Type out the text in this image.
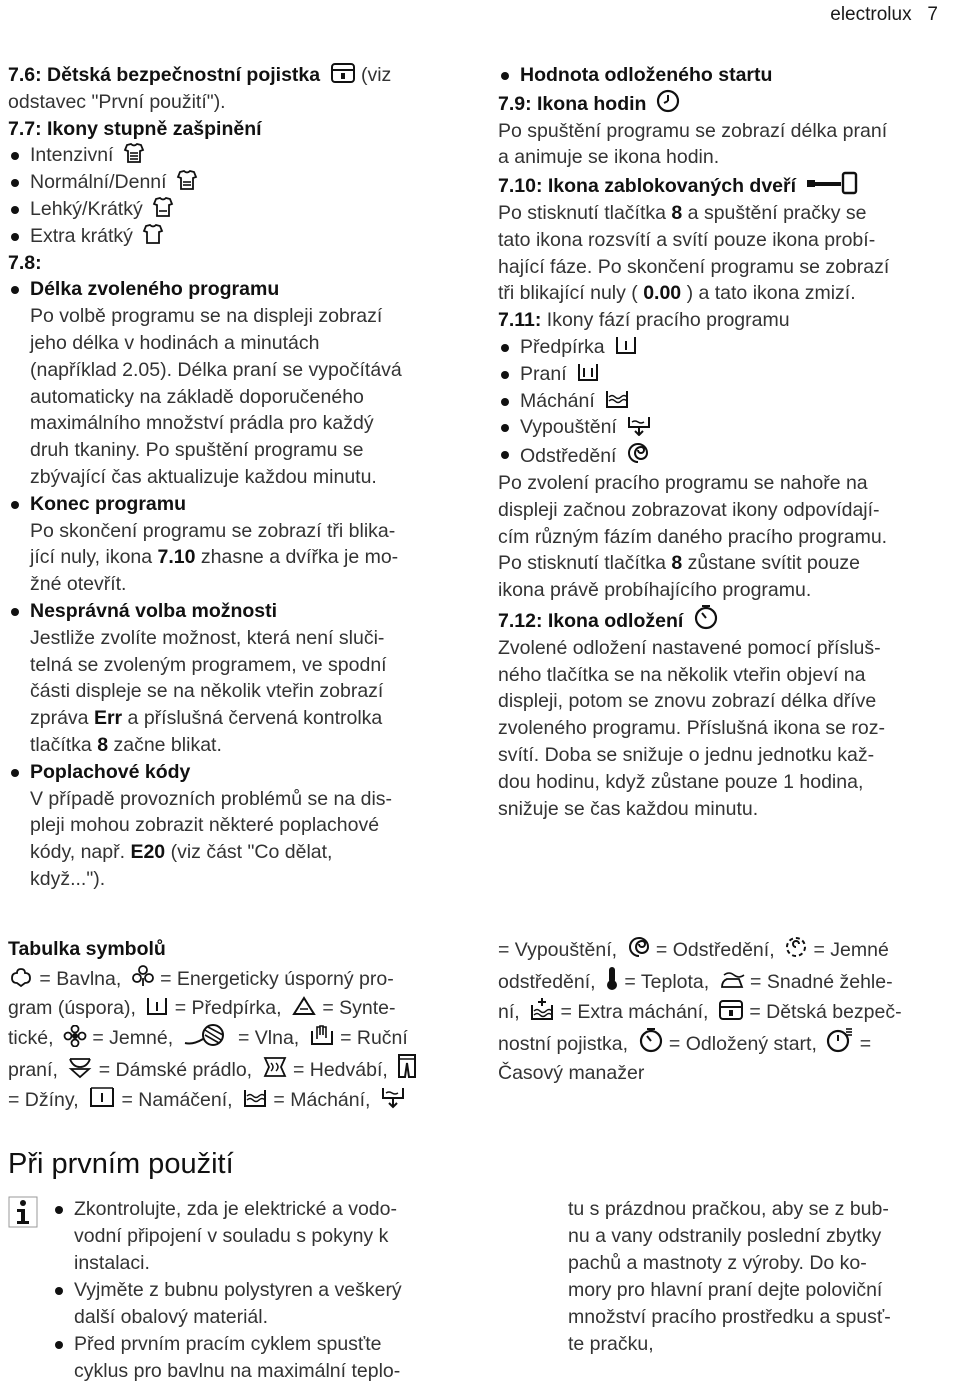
electrolux 7
7.6: Dětská bezpečnostní pojistka (viz
odstavec "První použití").
7.7: Ikony stupně zašpinění
Intenzivní
Normální/Denní
Lehký/Krátký
Extra krátký
7.8:
Délka zvoleného programu
Po volbě programu se na displeji zobrazí
jeho délka v hodinách a minutách
(například 2.05). Délka praní se vypočítává
automaticky na základě doporučeného
maximálního množství prádla pro každý
druh tkaniny. Po spuštění programu se
zbývající čas aktualizuje každou minutu.
Konec programu
Po skončení programu se zobrazí tři blika-
jící nuly, ikona 7.10 zhasne a dvířka je mo-
žné otevřít.
Nesprávná volba možnosti
Jestliže zvolíte možnost, která není sluči-
telná se zvoleným programem, ve spodní
části displeje se na několik vteřin zobrazí
zpráva Err a příslušná červená kontrolka
tlačítka 8 začne blikat.
Poplachové kódy
V případě provozních problémů se na dis-
pleji mohou zobrazit některé poplachové
kódy, např. E20 (viz část "Co dělat,
když...").
Hodnota odloženého startu
7.9: Ikona hodin
Po spuštění programu se zobrazí délka praní
a animuje se ikona hodin.
7.10: Ikona zablokovaných dveří
Po stisknutí tlačítka 8 a spuštění pračky se
tato ikona rozsvítí a svítí pouze ikona probí-
hající fáze. Po skončení programu se zobrazí
tři blikající nuly ( 0.00 ) a tato ikona zmizí.
7.11: Ikony fází pracího programu
Předpírka
Praní
Máchání
Vypouštění
Odstředění
Po zvolení pracího programu se nahoře na
displeji začnou zobrazovat ikony odpovídají-
cím různým fázím daného pracího programu.
Po stisknutí tlačítka 8 zůstane svítit pouze
ikona právě probíhajícího programu.
7.12: Ikona odložení
Zvolené odložení nastavené pomocí přísluš-
ného tlačítka se na několik vteřin objeví na
displeji, potom se znovu zobrazí délka dříve
zvoleného programu. Příslušná ikona se roz-
svítí. Doba se snižuje o jednu jednotku kaž-
dou hodinu, když zůstane pouze 1 hodina,
snižuje se čas každou minutu.
Tabulka symbolů
= Bavlna, = Energeticky úsporný pro-
gram (úsporа), = Předpírka, = Synte-
tické, = Jemné,	= Vlna, = Ruční
praní, = Dámské prádlo, = Hedvábí,
= Džíny, = Namáčení, = Máchání,
= Vypouštění, = Odstředění, = Jemné
odstředění, = Teplota, = Snadné žehle-
ní, = Extra máchání, = Dětská bezpeč-
nostní pojistka, = Odložený start, =
Časový manažer
Při prvním použití
Zkontrolujte, zda je elektrické a vodo-
vodní připojení v souladu s pokyny k
instalaci.
Vyjměte z bubnu polystyren a veškerý
další obalový materiál.
Před prvním pracím cyklem spusťte
cyklus pro bavlnu na maximální teplo-
tu s prázdnou pračkou, aby se z bub-
nu a vany odstranily poslední zbytky
pachů a mastnoty z výroby. Do ko-
mory pro hlavní praní dejte poloviční
množství pracího prostředku a spusť-
te pračku,
